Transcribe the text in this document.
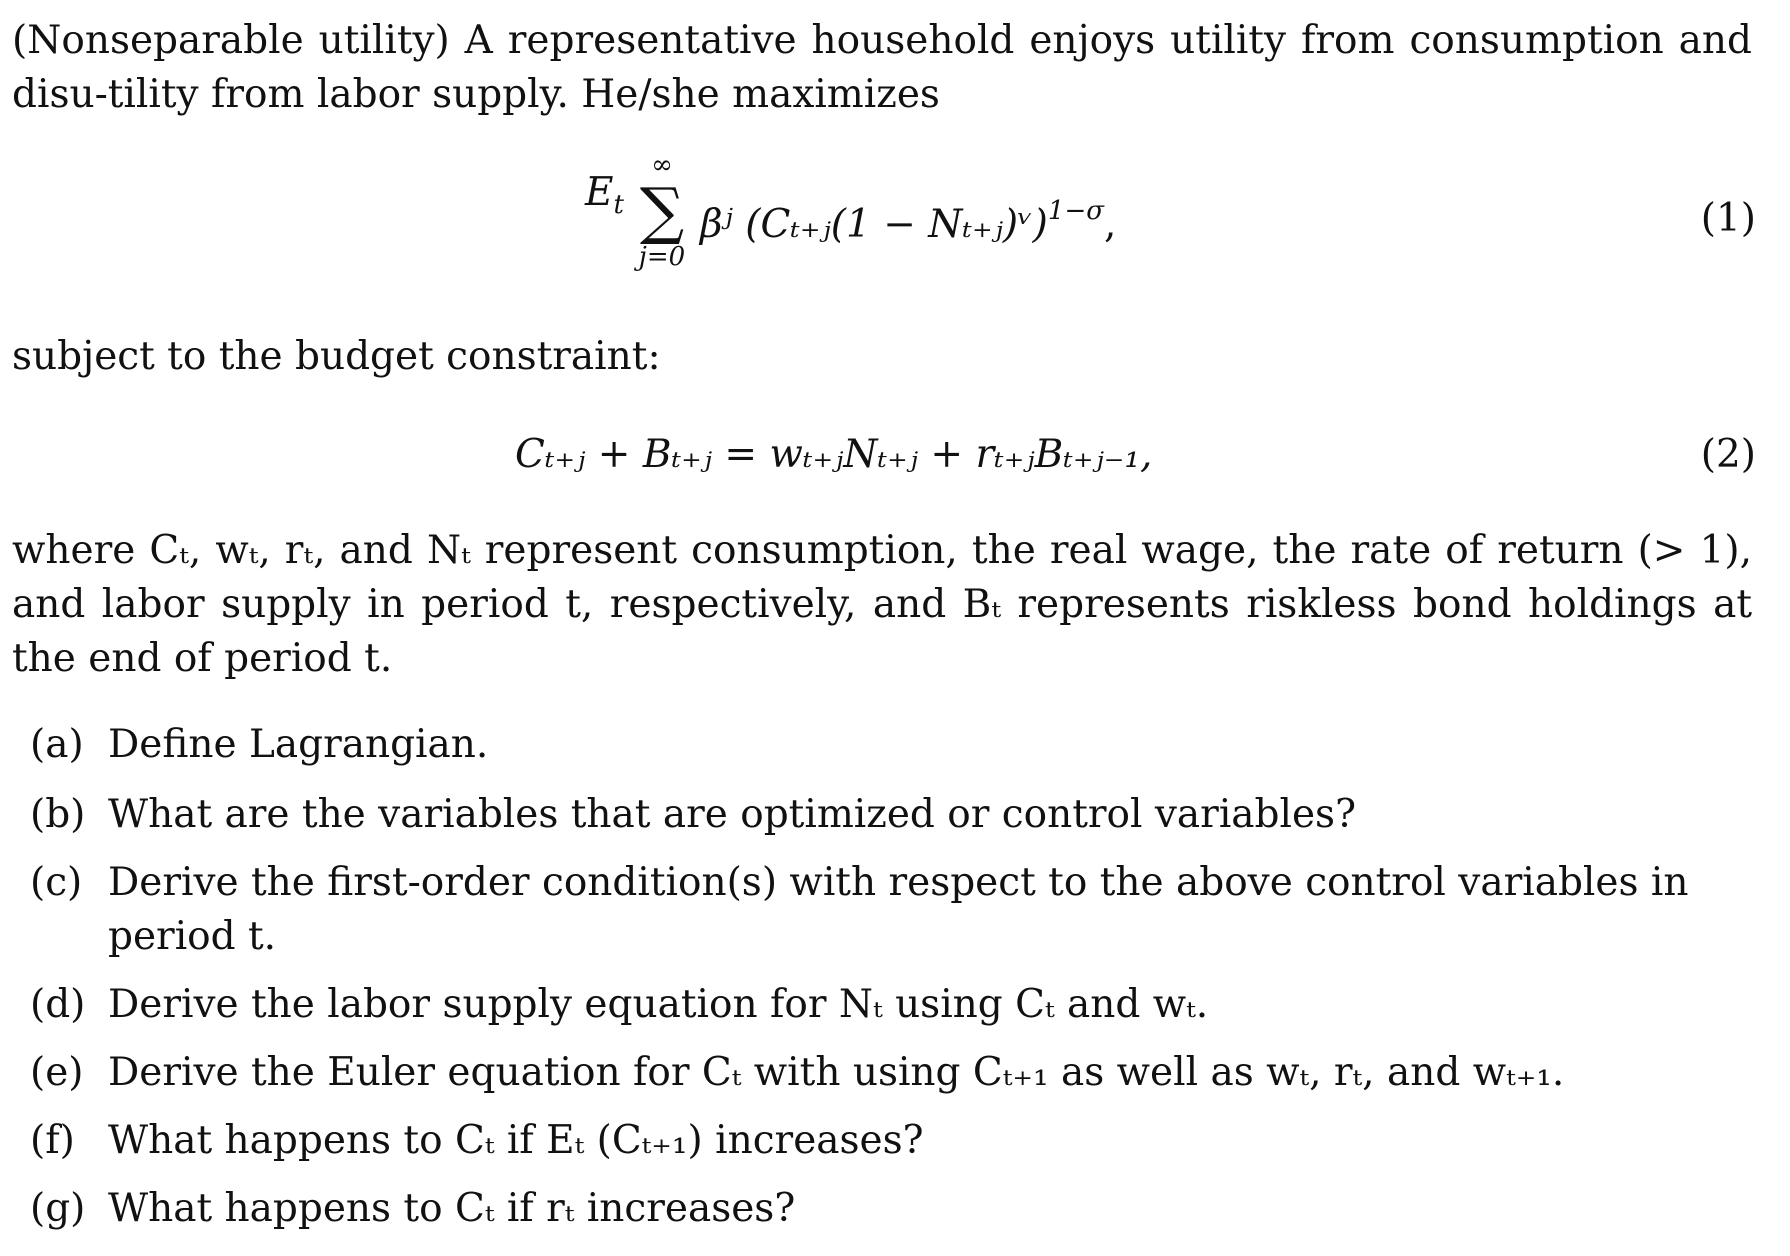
(Nonseparable utility) A representative household enjoys utility from consumption and disu-tility from labor supply. He/she maximizes
$E_t$
∞
∑
j=0
βʲ (Cₜ₊ⱼ(1 − Nₜ₊ⱼ)ᵛ)$^{1-\sigma}$,	(1)
subject to the budget constraint:
Cₜ₊ⱼ + Bₜ₊ⱼ = wₜ₊ⱼNₜ₊ⱼ + rₜ₊ⱼBₜ₊ⱼ₋₁,	(2)
where Cₜ, wₜ, rₜ, and Nₜ represent consumption, the real wage, the rate of return (> 1), and labor supply in period t, respectively, and Bₜ represents riskless bond holdings at the end of period t.
(a) Define Lagrangian.
(b) What are the variables that are optimized or control variables?
(c) Derive the first-order condition(s) with respect to the above control variables in period t.
(d) Derive the labor supply equation for Nₜ using Cₜ and wₜ.
(e) Derive the Euler equation for Cₜ with using Cₜ₊₁ as well as wₜ, rₜ, and wₜ₊₁.
(f) What happens to Cₜ if Eₜ (Cₜ₊₁) increases?
(g) What happens to Cₜ if rₜ increases?
